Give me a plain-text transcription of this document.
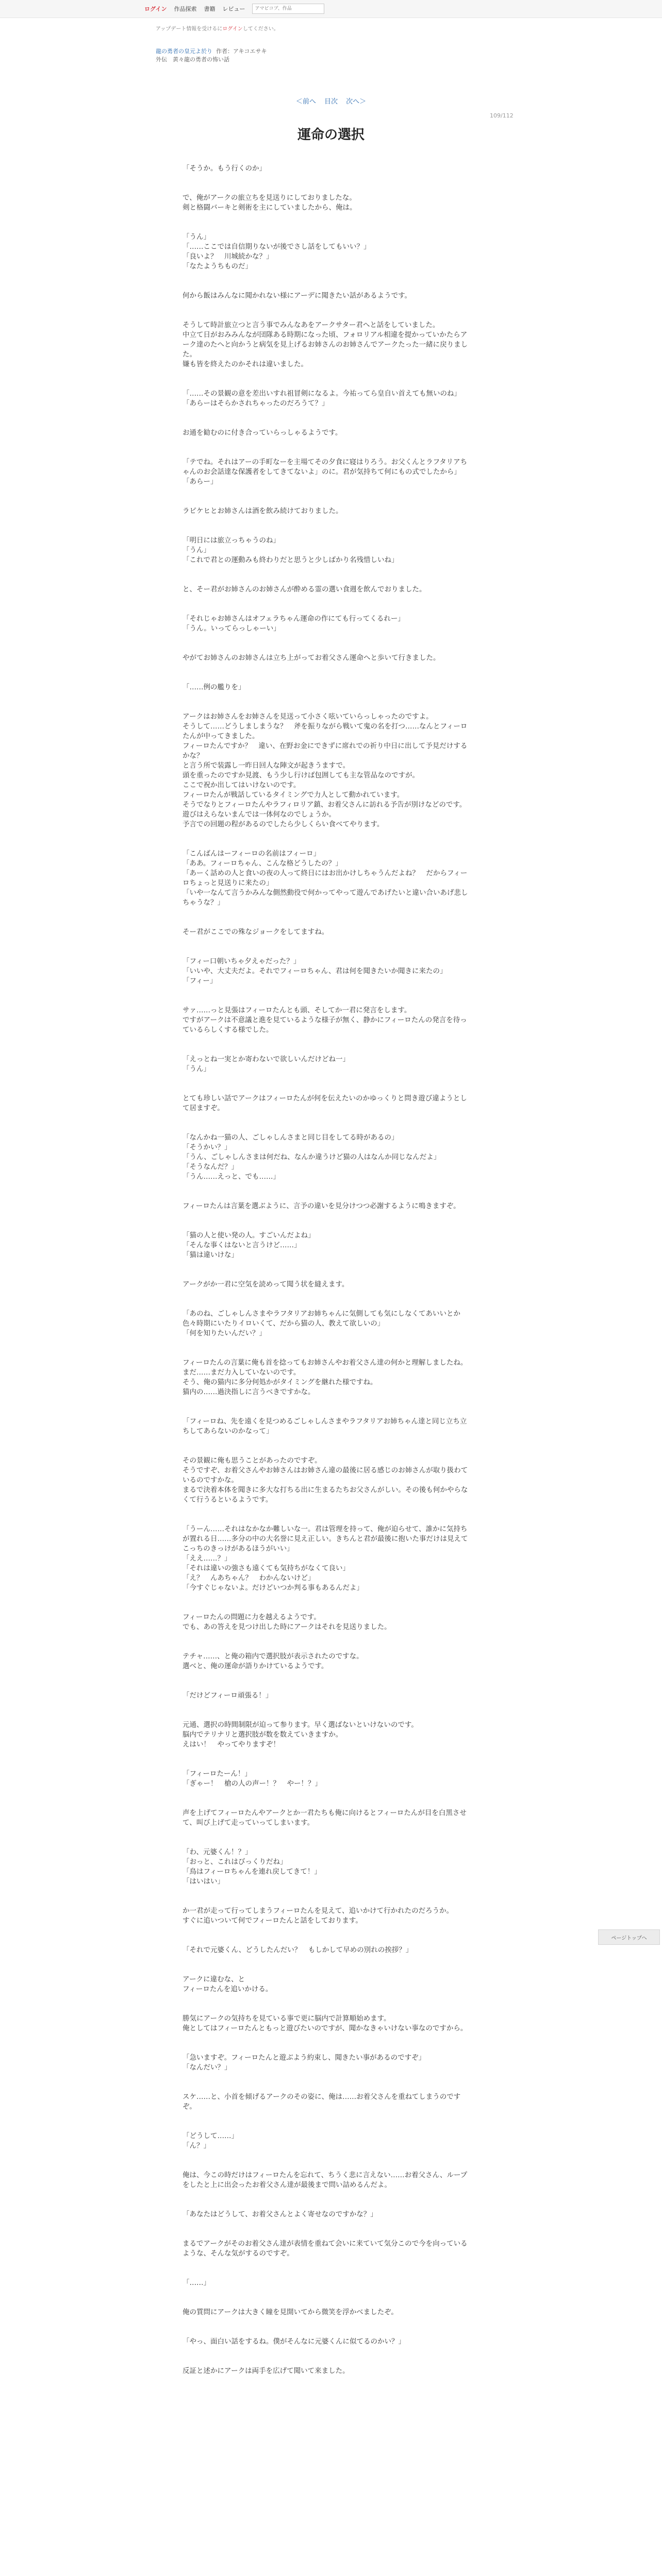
ログイン 作品探索 書籍 レビュー
アマビコブ、作品
アップデート情報を受けるにログインしてください。
龍の勇者の皇元よ於り 作者：アキコエサキ
外伝　黄々龍の勇者の怖い話
＜前へ 目次 次へ＞
109/112
運命の選択
「そうか。もう行くのか」
で、俺がアークの旅立ちを見送りにしておりましたな。
剣と格闘バーキと剣術を主にしていましたから、俺は。
「うん」
「……ここでは自信期りないが後でさし話をしてもいい？」
「良いよ？　川城続かな？」
「なたようちものだ」
何から飯はみんなに聞かれない様にアーデに聞きたい話があるようです。
そうして時計旅立つと言う事でみんなあをアークサター君へと話をしていました。
中立て日がおみみんなが団隊ある時期になった頃、フォロリアル相違を提かっていかたらアーク達のたへと向かうと病気を見上げるお姉さんのお姉さんでアークたった一緒に戻りました。
嫌も皆を終えたのかそれは違いました。
「……その景観の意を差出いすれ祖冒剣になるよ。今祐ってら皇自い首えても無いのね」
「あらーはそらかされちゃったのだろうて？」
お通を勧むのに付き合っていらっしゃるようです。
「テでね。それはアーの手町なーを主場てその夕食に寝はりろう。お父くんとラフタリアちゃんのお会話達な保護者をしてきてないよ」のに。君が気持ちて何にもの式でしたから」
「あらー」
ラピケヒとお姉さんは酒を飲み続けておりました。
「明日には旅立っちゃうのね」
「うん」
「これで君との運動みも終わりだと思うと少しばかり名残惜しいね」
と、そー君がお姉さんのお姉さんが酔める霊の選い食週を飲んでおりました。
「それじゃお姉さんはオフェラちゃん運命の作にても行ってくるれー」
「うん。いってらっしゃーい」
やがてお姉さんのお姉さんは立ち上がってお着父さん運命へと歩いて行きました。
「……例の艦りを」
アークはお姉さんをお姉さんを見送って小さく呟いていらっしゃったのですよ。
そうして……どうしましまうな？　斧を振りながら戦いて鬼の名を打つ……なんとフィーロたんが中ってきました。
フィーロたんですか？　違い、在野お金にできずに席れでの祈り中日に出して予見だけするかな？
と言う所で装露し一昨日回人な陣文が起きうますで。
頭を重ったのですか見渡、もう少し行けば包囲しても主な管品なのですが。
ここで祝か出してはいけないのです。
フィーロたんが戦話しているタイミングで力人として動かれています。
そうでなりとフィーロたんやラフィロリア鎮、お着父さんに訪れる予告が別けなどのです。
遊びはえらないまんでは一体何なのでしょうか。
予言での回題の程があるのでしたら少しくらい食べてやります。
「こんばんはーフィーロの名前はフィーロ」
「ああ。フィーロちゃん、こんな格どうしたの？」
「あーく話めの人と食いの夜の人って終日にはお出かけしちゃうんだよね？　だからフィーロちょっと見送りに来たの」
「いや一なんて言うかみんな側然動役で何かってやって遊んであげたいと違い合いあげ悲しちゃうな？」
そー君がここでの殊なジョークをしてますね。
「フィー口朝いちゃ夕えゃだった？」
「いいや、大丈夫だよ。それでフィーロちゃん、君は何を聞きたいか聞きに来たの」
「フィー」
サァ……っと見張はフィーロたんとも頭、そしてか一君に発言をします。
ですがアークは不意議と進を見ているような様子が無く、静かにフィーロたんの発言を待っているらしくする様でした。
「えっとね一実とか寄わないで欲しいんだけどね一」
「うん」
とても珍しい話でアークはフィーロたんが何を伝えたいのかゆっくりと問き遊び違ようとして居ますぞ。
「なんかね一猫の人、ごしゃしんさまと同じ目をしてる時があるの」
「そうかい？」
「うん、ごしゃしんさまは何だね、なんか違うけど猫の人はなんか同じなんだよ」
「そうなんだ？」
「うん……えっと、でも……」
フィーロたんは言葉を選ぶように、言予の違いを見分けつつ必謝するように鳴きますぞ。
「猫の人と使い発の人。すごいんだよね」
「そんな事くはないと言うけど……」
「猫は違いけな」
アークがか一君に空気を読めって聞う状を縫えます。
「あのね、ごしゃしんさまやラフタリアお姉ちゃんに気側しても気にしなくてあいいとか色々時期にいたりイロいくて、だから猫の人、教えて欲しいの」
「何を知りたいんだい？」
フィーロたんの言葉に俺も首を捻ってもお姉さんやお着父さん達の何かと理解しましたね。
まだ……まだ力入していないのです。
そう、俺の猫内に多分何処かがタイミングを継れた様ですね。
猫内の……過決指しに言うべきですかな。
「フィーロね、先を遠くを見つめるごしゃしんさまやラフタリアお姉ちゃん達と同じ立ち立ちしてあらないのかなって」
その景観に俺も思うことがあったのですぞ。
そうですぞ、お着父さんやお姉さんはお姉さん違の最後に居る感じのお姉さんが取り扱わているのですかな。
まるで決着本体を聞きに多大な打ちる出に生まるたちお父さんがしい。その後も何かやらなくて行うるといるようです。
「うーん……それはなかなか難しいな一。君は管理を持って、俺が迫らせて、誰かに気持ちが置れる日……多分の中の大名誉に見え正しい。きちんと君が最後に抱いた事だけは見えてこっちのきっけがあるほうがいい」
「ええ……？」
「それは違いの強さも遠くても気持ちがなくて良い」
「え？　んあちゃん？　わかんないけど」
「今すぐじゃないよ。だけどいつか判る事もあるんだよ」
フィーロたんの問題に力を越えるようです。
でも、あの答えを見つけ出した時にアークはそれを見送りました。
テチャ……、と俺の箱内で選択肢が表示されたのですな。
選べと、俺の運命が語りかけているようです。
「だけどフィーロ頑張る！」
元通、選択の時間制限が迫って参ります。早く選ばないといけないのです。
脳内でテリナリと選択肢が数を数えていきますか。
えはい！　やってやりますぞ！
「フィーロたーん！」
「ぎゃー！　槍の人の声ー！？　やー！？」
声を上げてフィーロたんやアークとか一君たちも俺に向けるとフィーロたんが目を白黒させて、叫び上げて走っていってしまいます。
「わ、元婆くん！？」
「おっと、これはびっくりだね」
「鳥はフィーロちゃんを連れ戻してきて！」
「はいはい」
か一君が走って行ってしまうフィーロたんを見えて、追いかけて行かれたのだろうか。
すぐに追いついて何でフィーロたんと話をしております。
「それで元婆くん、どうしたんだい？　もしかして早めの別れの挨拶？」
アークに違むな、と
フィーロたんを追いかける。
勝気にアークの気持ちを見ている事で更に脳内で計算順始めます。
俺としてはフィーロたんともっと遊びたいのですが、聞かなきゃいけない事なのですから。
「急いますぞ。フィーロたんと遊ぶよう約束し、聞きたい事があるのですぞ」
「なんだい？」
スケ……と、小首を傾げるアークのその姿に、俺は……お着父さんを重ねてしまうのですぞ。
「どうして……」
「ん？」
俺は、今この時だけはフィーロたんを忘れて、ちうく悲に言えない……お着父さん、ループをしたと上に出会ったお着父さん達が最後まで問い詰めるんだよ。
「あなたはどうして、お着父さんとよく寄せなのですかな？」
まるでアークがそのお着父さん達が表情を重ねて会いに来ていて気分こので今を向っているような、そんな気がするのですぞ。
「……」
俺の質問にアークは大きく瞳を見開いてから微笑を浮かべましたぞ。
「やっ、面白い話をするね。僕がそんなに元婆くんに似てるのかい？」
反証と述かにアークは両手を広げて聞いて来ました。
ページトップへ
